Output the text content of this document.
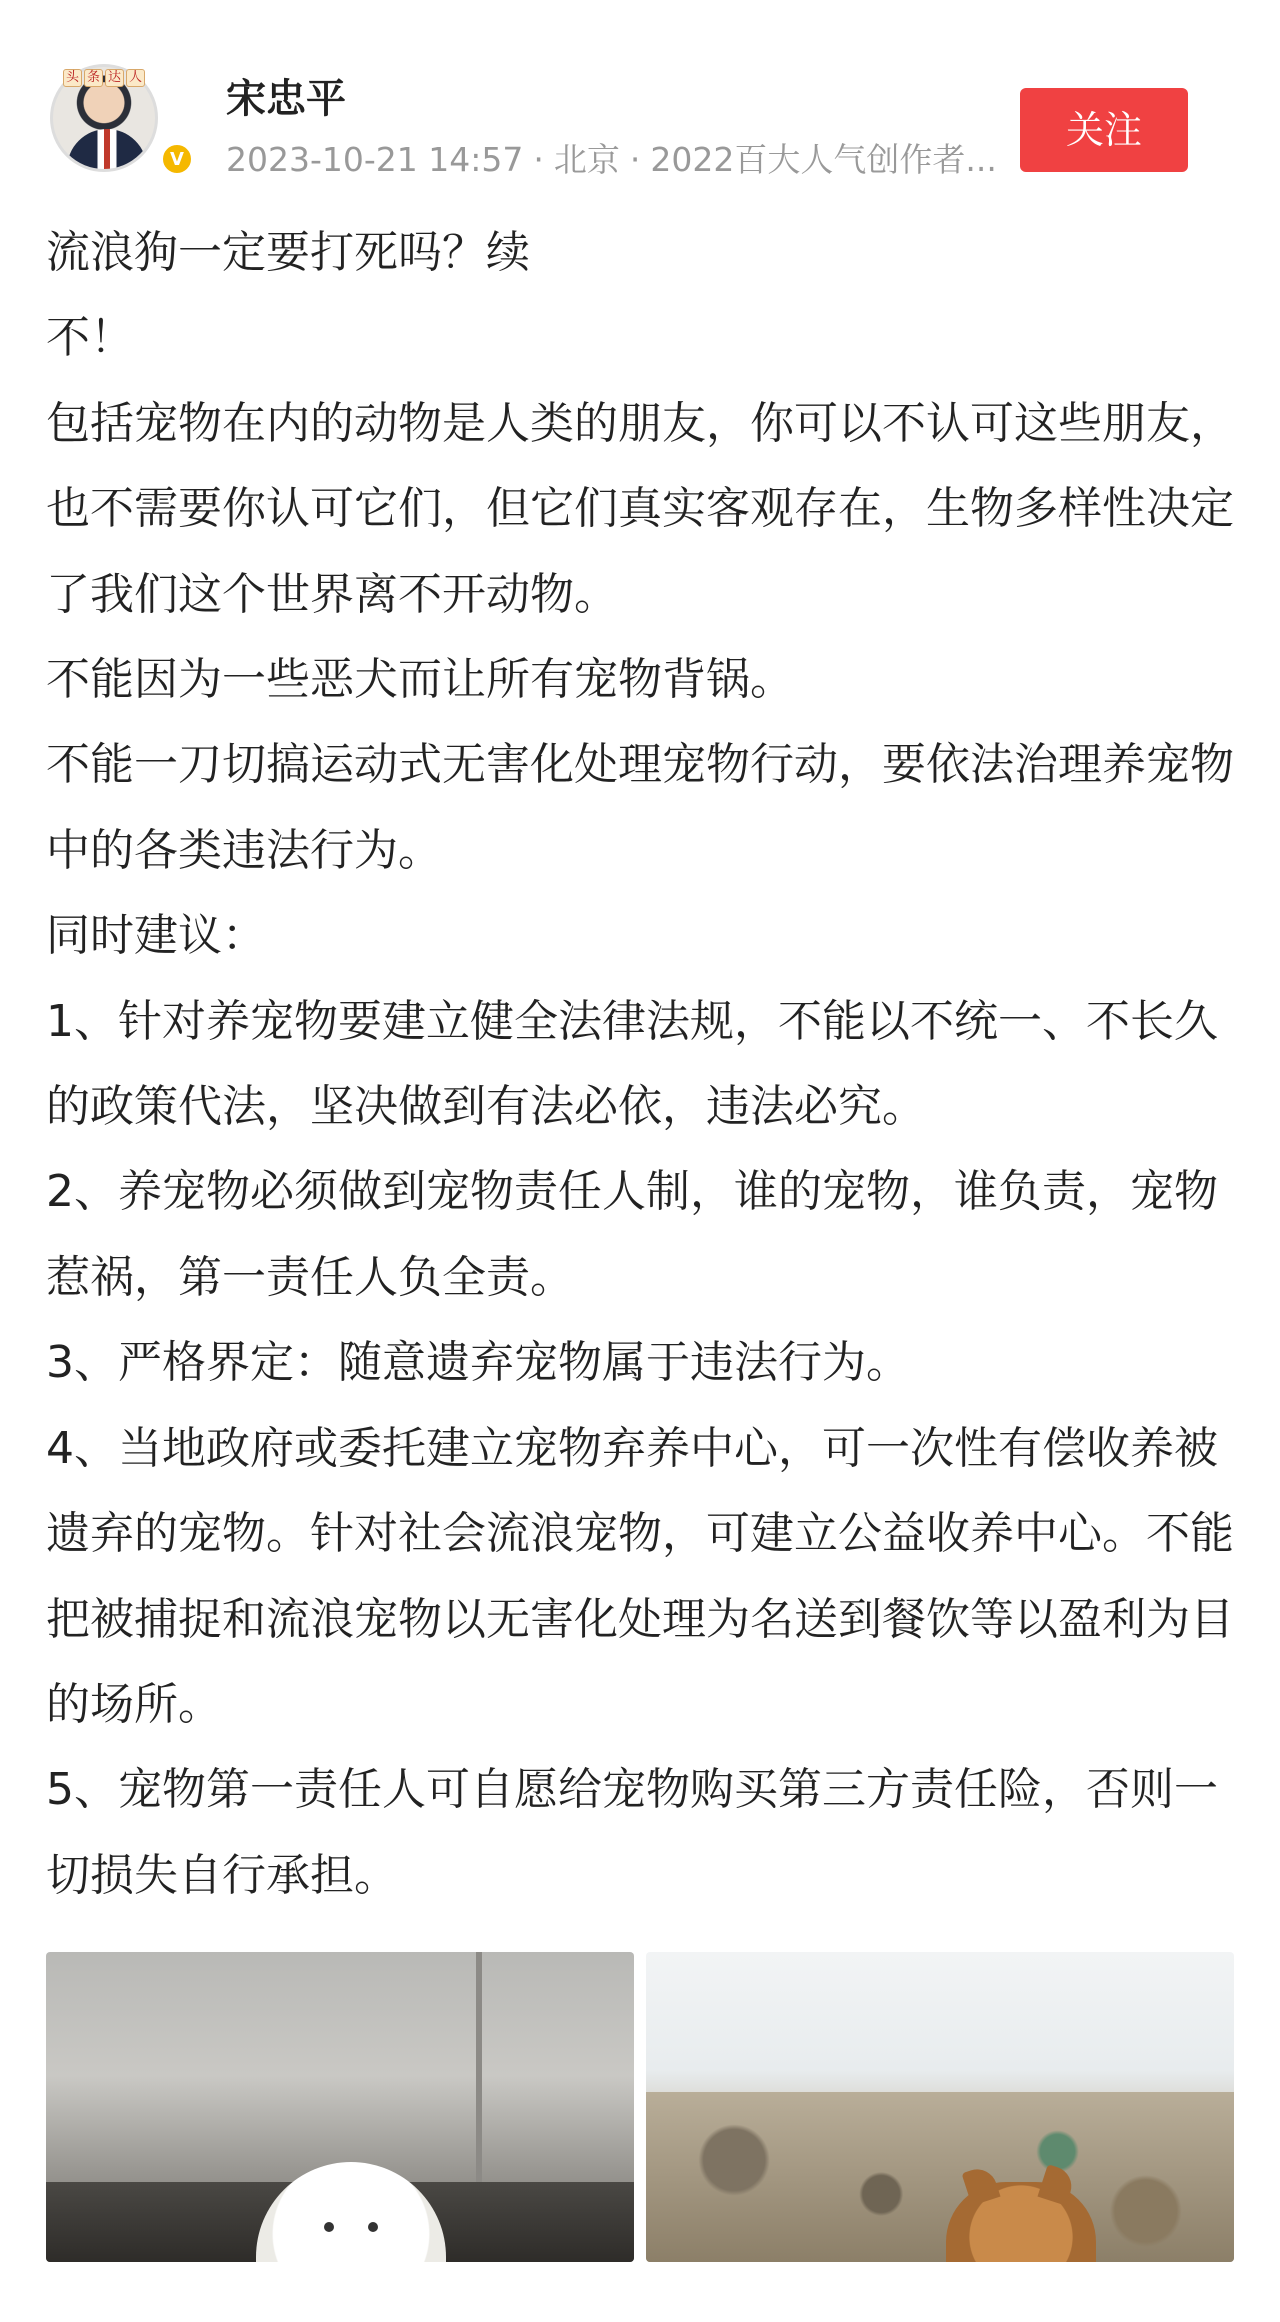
头 条 达 人
V
宋忠平
2023-10-21 14:57 · 北京 · 2022百大人气创作者...
关注

流浪狗一定要打死吗？续

不！

包括宠物在内的动物是人类的朋友，你可以不认可这些朋友，也不需要你认可它们，但它们真实客观存在，生物多样性决定了我们这个世界离不开动物。

不能因为一些恶犬而让所有宠物背锅。

不能一刀切搞运动式无害化处理宠物行动，要依法治理养宠物中的各类违法行为。

同时建议：

1、针对养宠物要建立健全法律法规，不能以不统一、不长久的政策代法，坚决做到有法必依，违法必究。

2、养宠物必须做到宠物责任人制，谁的宠物，谁负责，宠物惹祸，第一责任人负全责。

3、严格界定：随意遗弃宠物属于违法行为。

4、当地政府或委托建立宠物弃养中心，可一次性有偿收养被遗弃的宠物。针对社会流浪宠物，可建立公益收养中心。不能把被捕捉和流浪宠物以无害化处理为名送到餐饮等以盈利为目的场所。

5、宠物第一责任人可自愿给宠物购买第三方责任险，否则一切损失自行承担。
